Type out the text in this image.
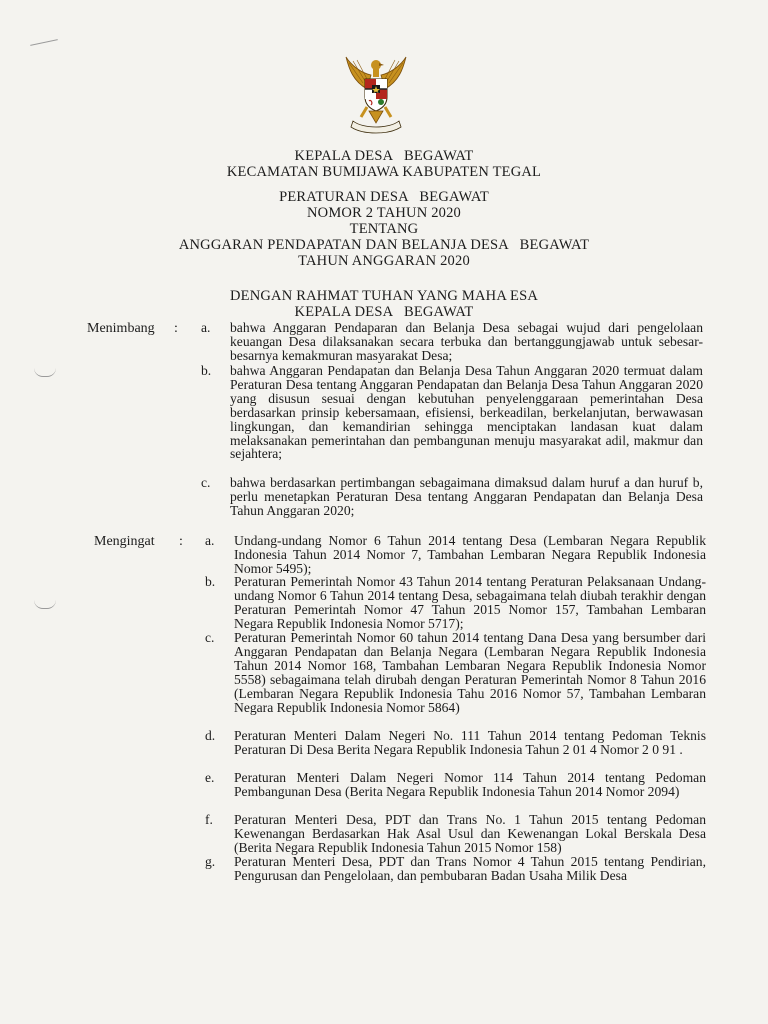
KEPALA DESA   BEGAWAT
KECAMATAN BUMIJAWA KABUPATEN TEGAL
PERATURAN DESA   BEGAWAT
NOMOR 2 TAHUN 2020
TENTANG
ANGGARAN PENDAPATAN DAN BELANJA DESA   BEGAWAT
TAHUN ANGGARAN 2020
DENGAN RAHMAT TUHAN YANG MAHA ESA
KEPALA DESA   BEGAWAT
Menimbang : a. bahwa Anggaran Pendaparan dan Belanja Desa sebagai wujud dari pengelolaan keuangan Desa dilaksanakan secara terbuka dan bertanggungjawab untuk sebesar-besarnya kemakmuran masyarakat Desa;
b. bahwa Anggaran Pendapatan dan Belanja Desa Tahun Anggaran 2020 termuat dalam Peraturan Desa tentang Anggaran Pendapatan dan Belanja Desa Tahun Anggaran 2020 yang disusun sesuai dengan kebutuhan penyelenggaraan pemerintahan Desa berdasarkan prinsip kebersamaan, efisiensi, berkeadilan, berkelanjutan, berwawasan lingkungan, dan kemandirian sehingga menciptakan landasan kuat dalam melaksanakan pemerintahan dan pembangunan menuju masyarakat adil, makmur dan sejahtera;
c. bahwa berdasarkan pertimbangan sebagaimana dimaksud dalam huruf a dan huruf b, perlu menetapkan Peraturan Desa tentang Anggaran Pendapatan dan Belanja Desa Tahun Anggaran 2020;
Mengingat : a. Undang-undang Nomor 6 Tahun 2014 tentang Desa (Lembaran Negara Republik Indonesia Tahun 2014 Nomor 7, Tambahan Lembaran Negara Republik Indonesia Nomor 5495);
b. Peraturan Pemerintah Nomor 43 Tahun 2014 tentang Peraturan Pelaksanaan Undang-undang Nomor 6 Tahun 2014 tentang Desa, sebagaimana telah diubah terakhir dengan Peraturan Pemerintah Nomor 47 Tahun 2015 Nomor 157, Tambahan Lembaran Negara Republik Indonesia Nomor 5717);
c. Peraturan Pemerintah Nomor 60 tahun 2014 tentang Dana Desa yang bersumber dari Anggaran Pendapatan dan Belanja Negara (Lembaran Negara Republik Indonesia Tahun 2014 Nomor 168, Tambahan Lembaran Negara Republik Indonesia Nomor 5558) sebagaimana telah dirubah dengan Peraturan Pemerintah Nomor 8 Tahun 2016 (Lembaran Negara Republik Indonesia Tahu 2016 Nomor 57, Tambahan Lembaran Negara Republik Indonesia Nomor 5864)
d. Peraturan Menteri Dalam Negeri No. 111 Tahun 2014 tentang Pedoman Teknis Peraturan Di Desa Berita Negara Republik Indonesia Tahun 2 01 4 Nomor 2 0 91 .
e. Peraturan Menteri Dalam Negeri Nomor 114 Tahun 2014 tentang Pedoman Pembangunan Desa (Berita Negara Republik Indonesia Tahun 2014 Nomor 2094)
f. Peraturan Menteri Desa, PDT dan Trans No. 1 Tahun 2015 tentang Pedoman Kewenangan Berdasarkan Hak Asal Usul dan Kewenangan Lokal Berskala Desa (Berita Negara Republik Indonesia Tahun 2015 Nomor 158)
g. Peraturan Menteri Desa, PDT dan Trans Nomor 4 Tahun 2015 tentang Pendirian, Pengurusan dan Pengelolaan, dan pembubaran Badan Usaha Milik Desa
